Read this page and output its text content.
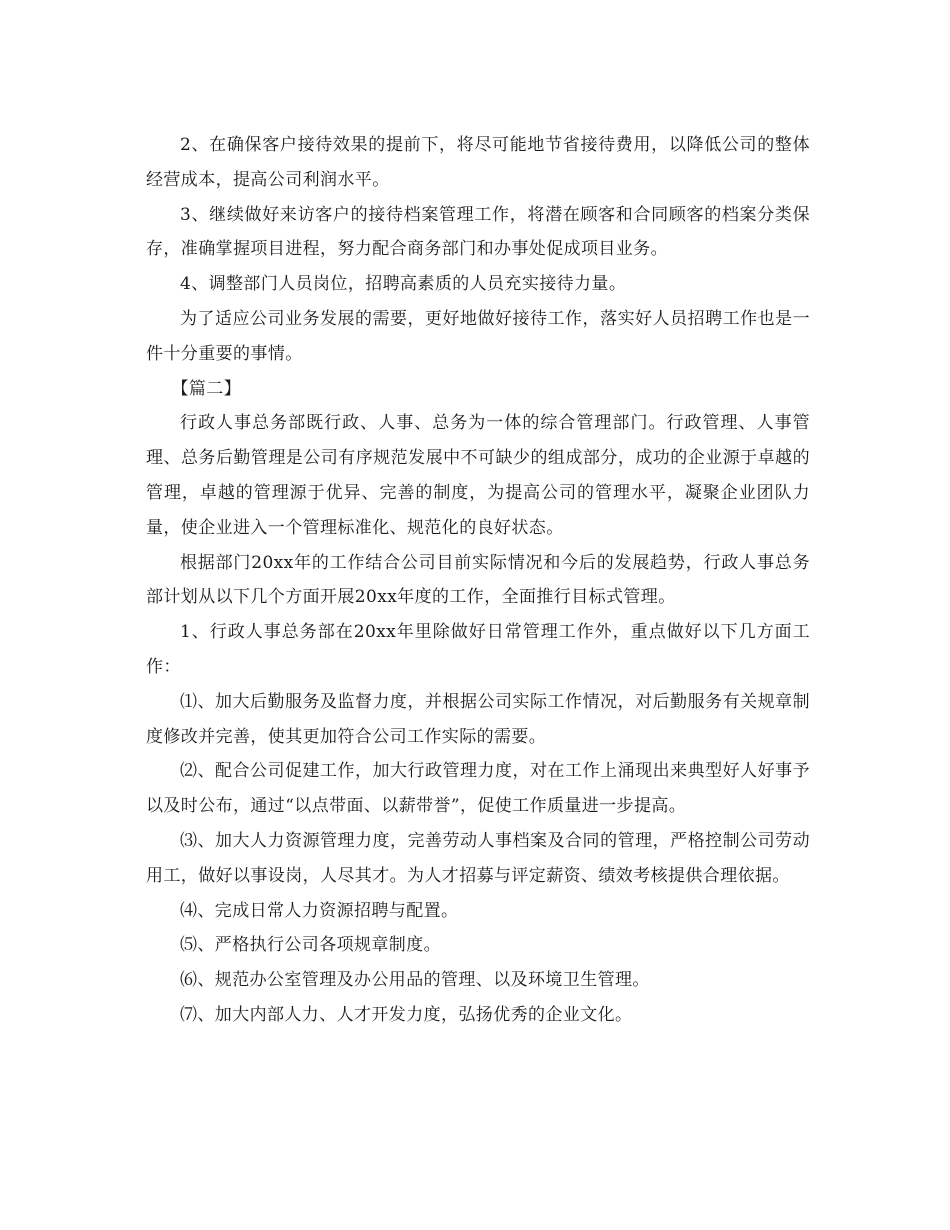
2、在确保客户接待效果的提前下，将尽可能地节省接待费用，以降低公司的整体经营成本，提高公司利润水平。

3、继续做好来访客户的接待档案管理工作，将潜在顾客和合同顾客的档案分类保存，准确掌握项目进程，努力配合商务部门和办事处促成项目业务。

4、调整部门人员岗位，招聘高素质的人员充实接待力量。

为了适应公司业务发展的需要，更好地做好接待工作，落实好人员招聘工作也是一件十分重要的事情。

【篇二】

行政人事总务部既行政、人事、总务为一体的综合管理部门。行政管理、人事管理、总务后勤管理是公司有序规范发展中不可缺少的组成部分，成功的企业源于卓越的管理，卓越的管理源于优异、完善的制度，为提高公司的管理水平，凝聚企业团队力量，使企业进入一个管理标准化、规范化的良好状态。

根据部门20xx年的工作结合公司目前实际情况和今后的发展趋势，行政人事总务部计划从以下几个方面开展20xx年度的工作，全面推行目标式管理。

1、行政人事总务部在20xx年里除做好日常管理工作外，重点做好以下几方面工作：

⑴、加大后勤服务及监督力度，并根据公司实际工作情况，对后勤服务有关规章制度修改并完善，使其更加符合公司工作实际的需要。

⑵、配合公司促建工作，加大行政管理力度，对在工作上涌现出来典型好人好事予以及时公布，通过“以点带面、以薪带誉”，促使工作质量进一步提高。

⑶、加大人力资源管理力度，完善劳动人事档案及合同的管理，严格控制公司劳动用工，做好以事设岗，人尽其才。为人才招募与评定薪资、绩效考核提供合理依据。

⑷、完成日常人力资源招聘与配置。

⑸、严格执行公司各项规章制度。

⑹、规范办公室管理及办公用品的管理、以及环境卫生管理。

⑺、加大内部人力、人才开发力度，弘扬优秀的企业文化。
